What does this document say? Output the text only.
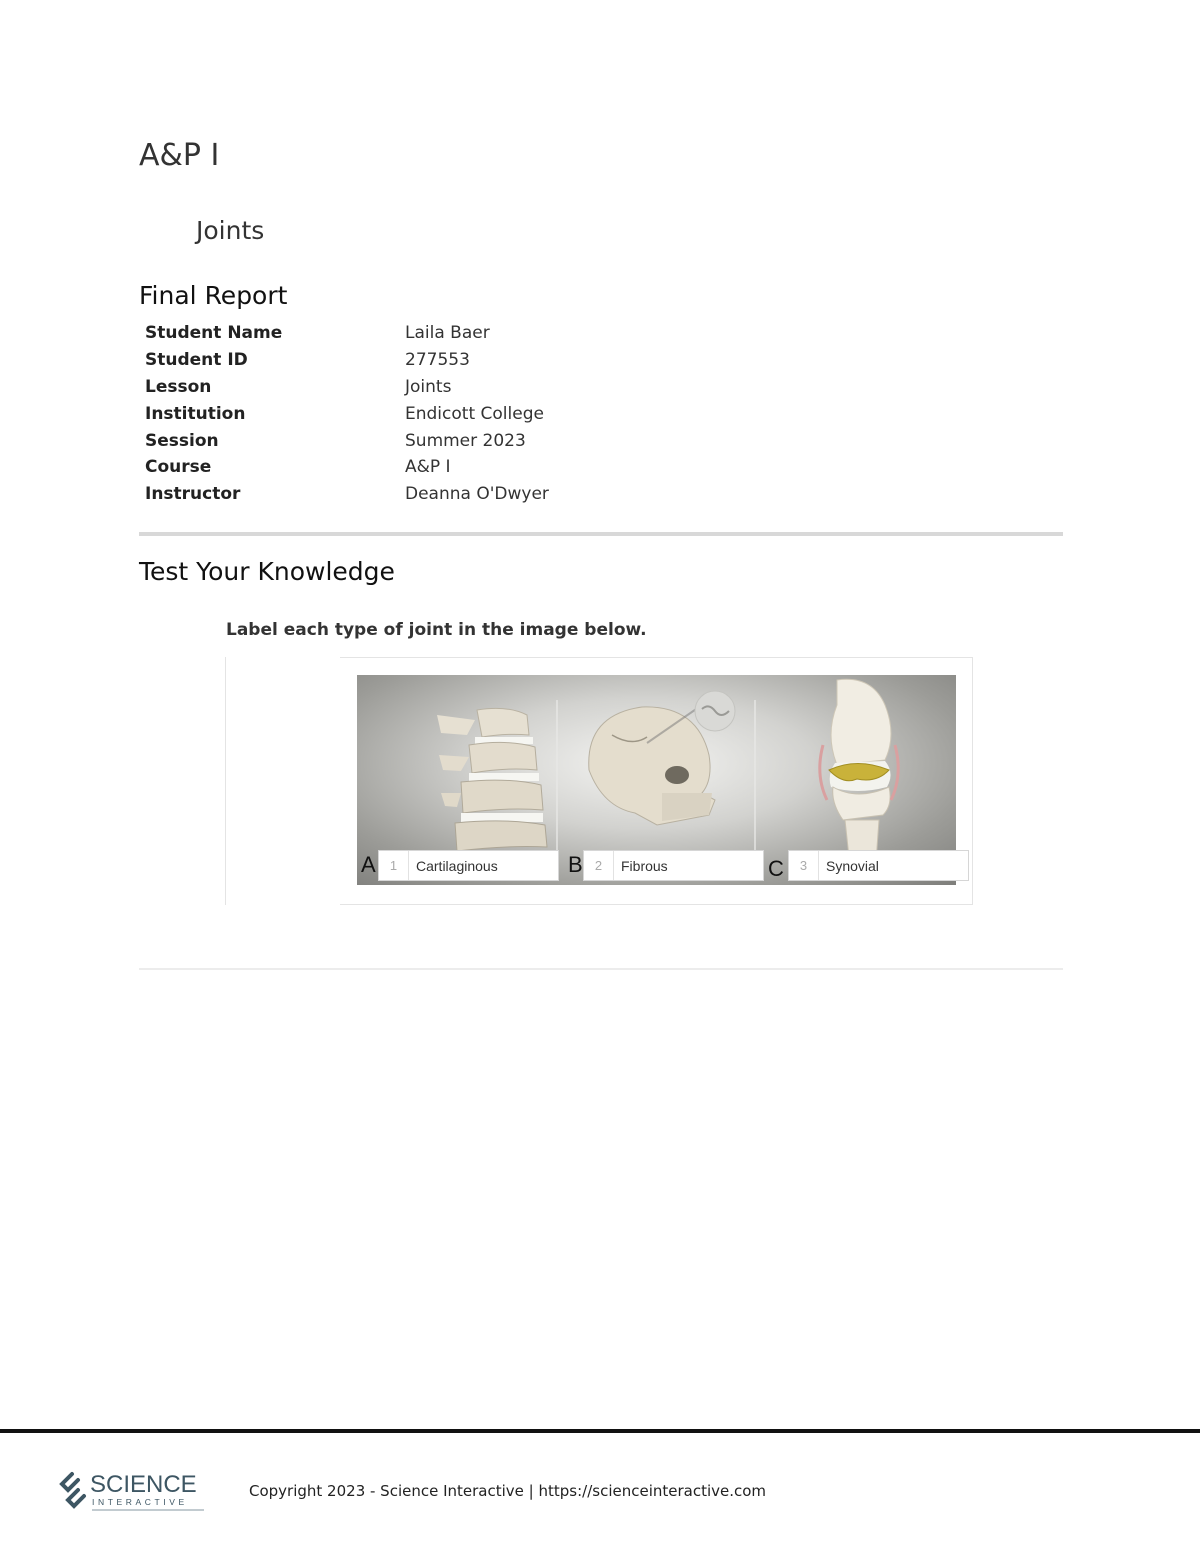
A&P I
Joints
Final Report
Student Name	Laila Baer
Student ID	277553
Lesson	Joints
Institution	Endicott College
Session	Summer 2023
Course	A&P I
Instructor	Deanna O'Dwyer
Test Your Knowledge
Label each type of joint in the image below.
A	1	Cartilaginous	B 2	Fibrous	C	3	Synovial
SCIENCE
INTERACTIVE
Copyright 2023 - Science Interactive | https://scienceinteractive.com
